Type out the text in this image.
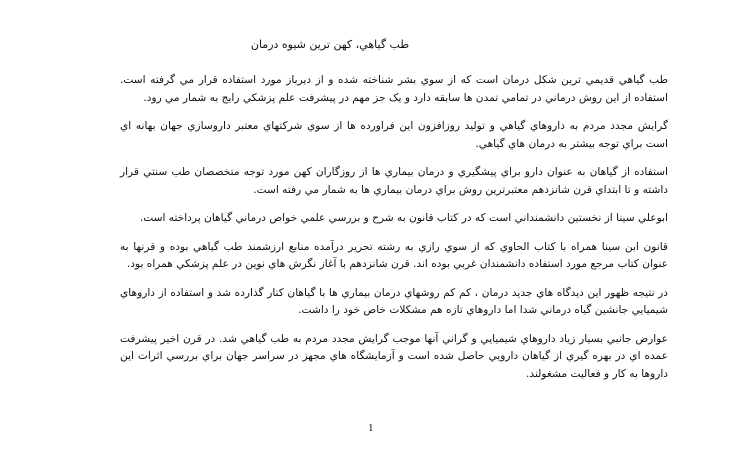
طب گياهي، کهن ترين شيوه درمان

طب گياهي قديمي ترين شکل درمان است که از سوي بشر شناخته شده و از ديرباز مورد استفاده قرار مي گرفته است. استفاده از اين روش درماني در تمامي تمدن ها سابقه دارد و يک جز مهم در پيشرفت علم پزشکي رايج به شمار مي رود.

گرايش مجدد مردم به داروهاي گياهي و توليد روزافزون اين فراورده ها از سوي شرکتهاي معتبر داروسازي جهان بهانه اي است براي توجه بيشتر به درمان هاي گياهي.

استفاده از گياهان به عنوان دارو براي پيشگيري و درمان بيماري ها از روزگاران کهن مورد توجه متخصصان طب سنتي قرار داشته و تا ابتداي قرن شانزدهم معتبرترين روش براي درمان بيماري ها به شمار مي رفته است.

ابوعلي سينا از نخستين دانشمنداني است که در کتاب قانون به شرح و بررسي علمي خواص درماني گياهان پرداخته است.

قانون ابن سينا همراه با کتاب الحاوي که از سوي رازي به رشته تحرير درآمده منابع ارزشمند طب گياهي بوده و قرنها به عنوان کتاب مرجع مورد استفاده دانشمندان غربي بوده اند. قرن شانزدهم با آغاز نگرش هاي نوين در علم پزشکي همراه بود.

در نتيجه ظهور اين ديدگاه هاي جديد درمان ، کم کم روشهاي درمان بيماري ها با گياهان کنار گذارده شد و استفاده از داروهاي شيميايي جانشين گياه درماني شدا اما داروهاي تازه هم مشکلات خاص خود را داشت.

عوارض جانبي بسيار زياد داروهاي شيميايي و گراني آنها موجب گرايش مجدد مردم به طب گياهي شد. در قرن اخير پيشرفت عمده اي در بهره گيري از گياهان دارويي حاصل شده است و آزمايشگاه هاي مجهز در سراسر جهان براي بررسي اثرات اين داروها به کار و فعاليت مشغولند.

1
